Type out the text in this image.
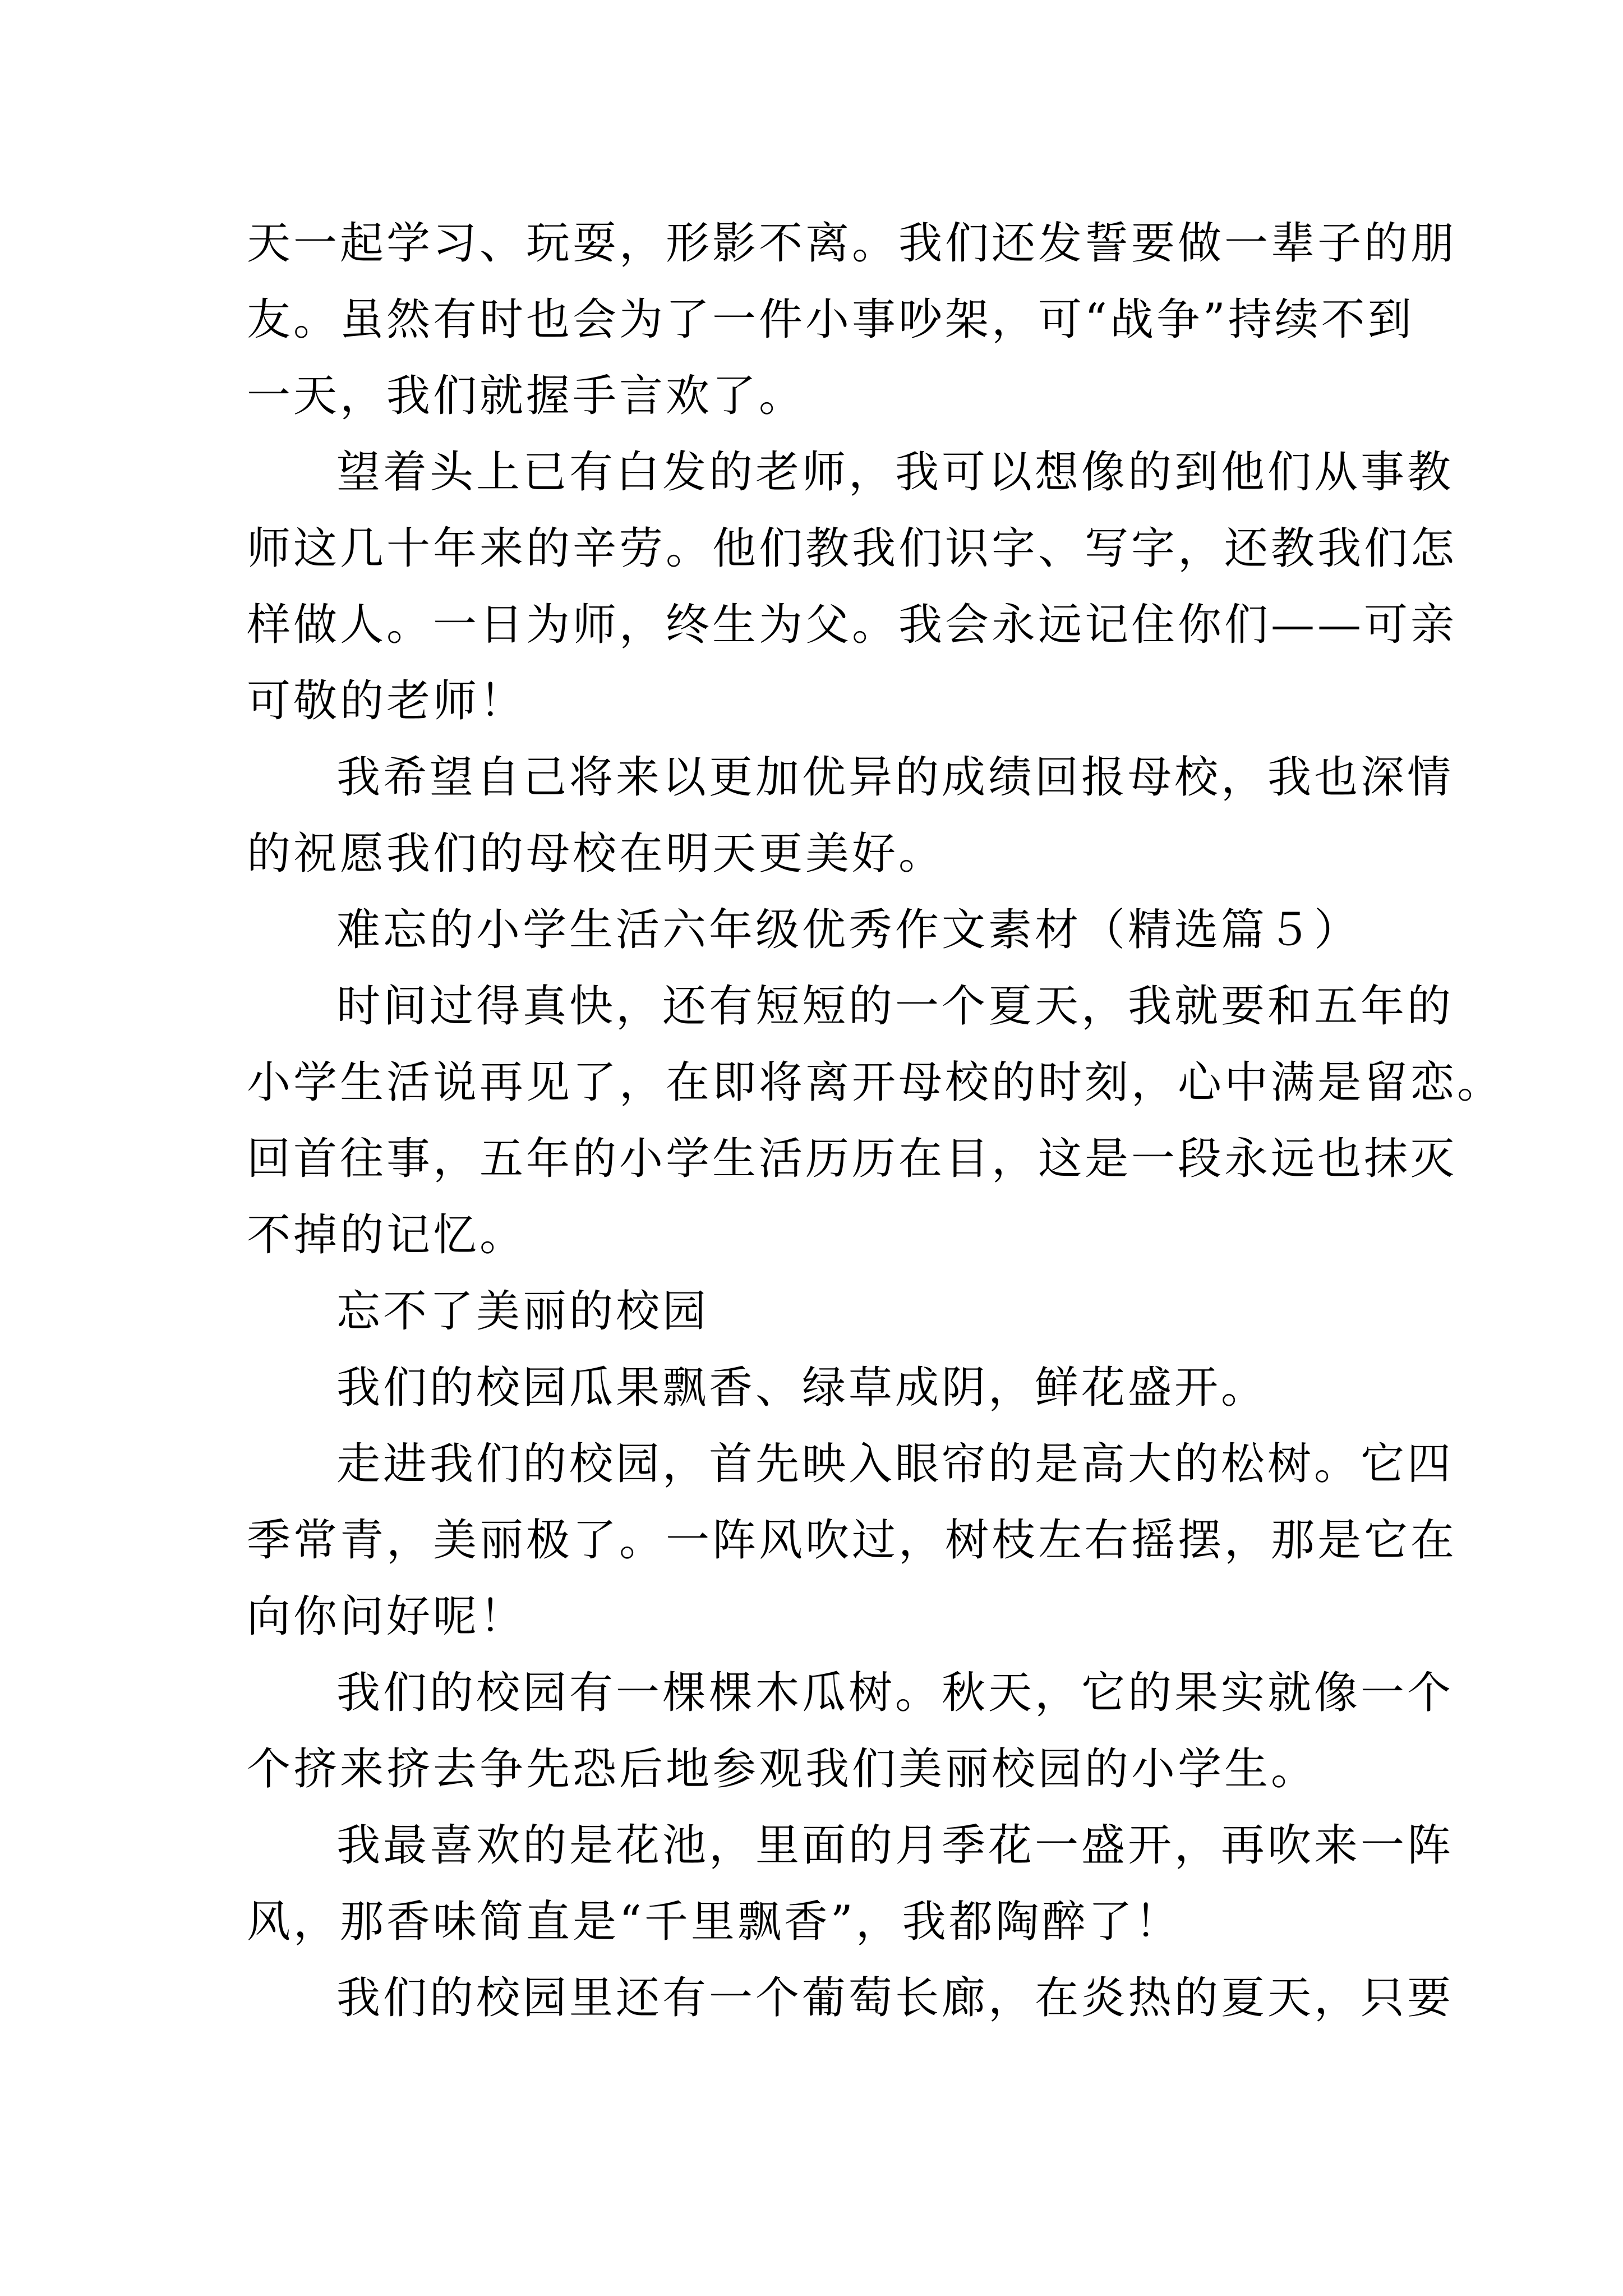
天一起学习、玩耍，形影不离。我们还发誓要做一辈子的朋
友。虽然有时也会为了一件小事吵架，可“战争”持续不到
一天，我们就握手言欢了。
望着头上已有白发的老师，我可以想像的到他们从事教
师这几十年来的辛劳。他们教我们识字、写字，还教我们怎
样做人。一日为师，终生为父。我会永远记住你们——可亲
可敬的老师！
我希望自己将来以更加优异的成绩回报母校，我也深情
的祝愿我们的母校在明天更美好。
难忘的小学生活六年级优秀作文素材（精选篇５）
时间过得真快，还有短短的一个夏天，我就要和五年的
小学生活说再见了，在即将离开母校的时刻，心中满是留恋。
回首往事，五年的小学生活历历在目，这是一段永远也抹灭
不掉的记忆。
忘不了美丽的校园
我们的校园瓜果飘香、绿草成阴，鲜花盛开。
走进我们的校园，首先映入眼帘的是高大的松树。它四
季常青，美丽极了。一阵风吹过，树枝左右摇摆，那是它在
向你问好呢！
我们的校园有一棵棵木瓜树。秋天，它的果实就像一个
个挤来挤去争先恐后地参观我们美丽校园的小学生。
我最喜欢的是花池，里面的月季花一盛开，再吹来一阵
风，那香味简直是“千里飘香”，我都陶醉了！
我们的校园里还有一个葡萄长廊，在炎热的夏天，只要
